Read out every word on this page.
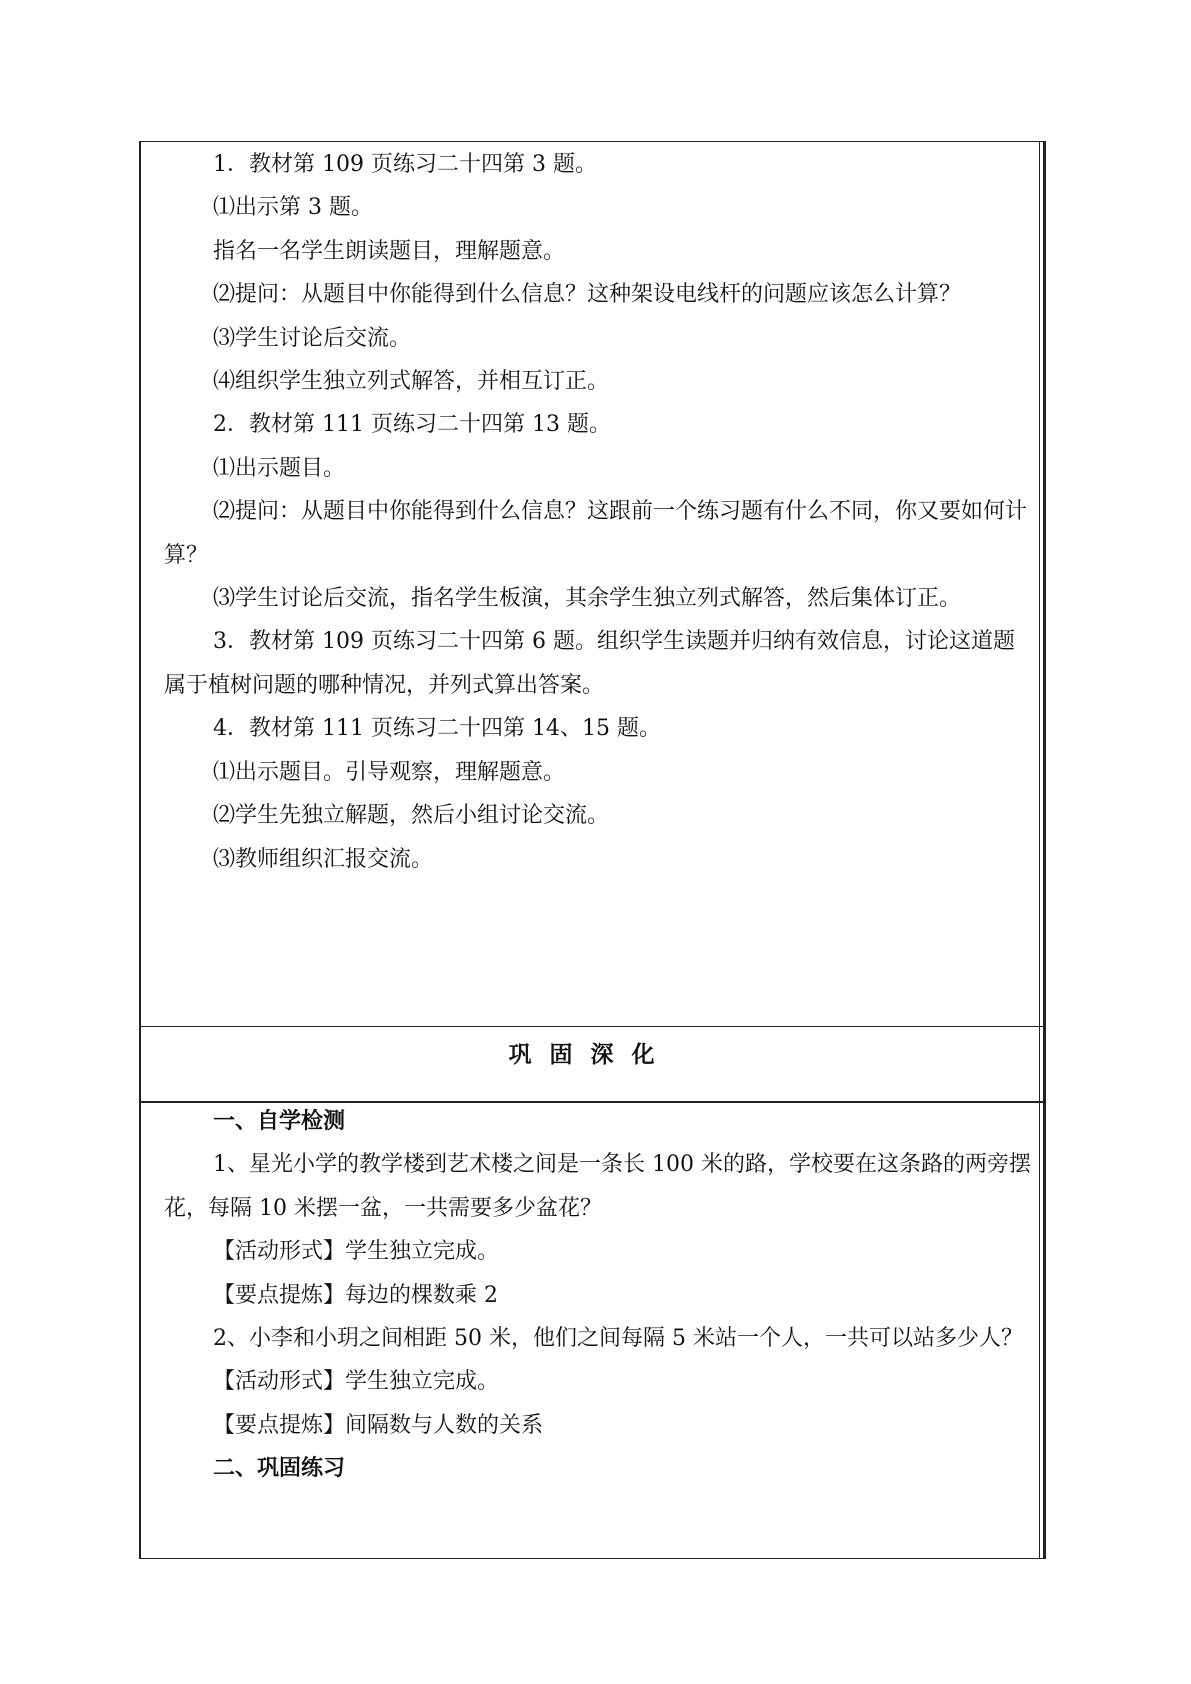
1．教材第 109 页练习二十四第 3 题。

⑴出示第 3 题。

指名一名学生朗读题目，理解题意。

⑵提问：从题目中你能得到什么信息？这种架设电线杆的问题应该怎么计算？

⑶学生讨论后交流。

⑷组织学生独立列式解答，并相互订正。

2．教材第 111 页练习二十四第 13 题。

⑴出示题目。

⑵提问：从题目中你能得到什么信息？这跟前一个练习题有什么不同，你又要如何计算？

⑶学生讨论后交流，指名学生板演，其余学生独立列式解答，然后集体订正。

3．教材第 109 页练习二十四第 6 题。组织学生读题并归纳有效信息，讨论这道题属于植树问题的哪种情况，并列式算出答案。

4．教材第 111 页练习二十四第 14、15 题。

⑴出示题目。引导观察，理解题意。

⑵学生先独立解题，然后小组讨论交流。

⑶教师组织汇报交流。

巩固深化

一、自学检测

1、星光小学的教学楼到艺术楼之间是一条长 100 米的路，学校要在这条路的两旁摆花，每隔 10 米摆一盆，一共需要多少盆花？

【活动形式】学生独立完成。

【要点提炼】每边的棵数乘 2

2、小李和小玥之间相距 50 米，他们之间每隔 5 米站一个人，一共可以站多少人？

【活动形式】学生独立完成。

【要点提炼】间隔数与人数的关系

二、巩固练习
